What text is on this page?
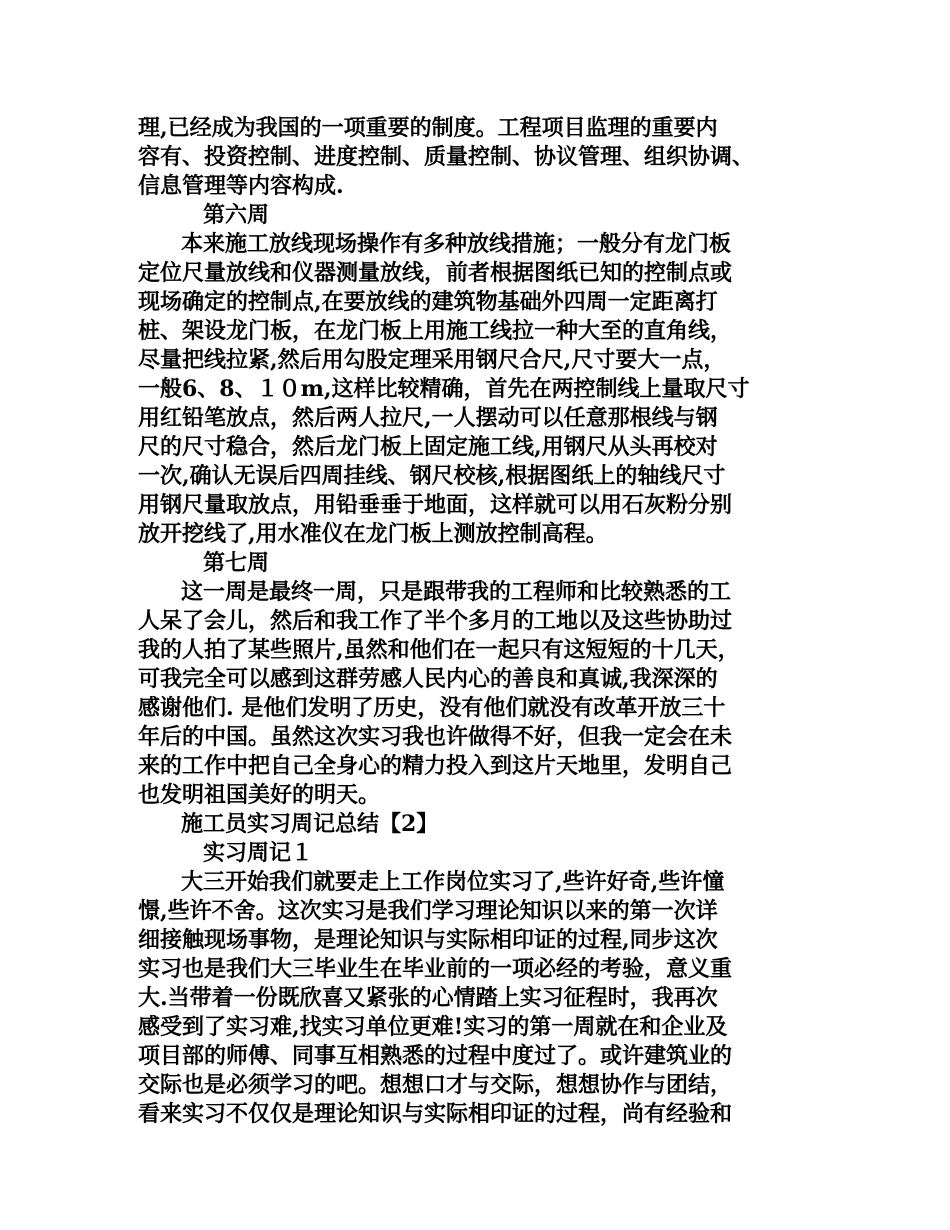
理,已经成为我国的一项重要的制度。工程项目监理的重要内
容有、投资控制、进度控制、质量控制、协议管理、组织协调、
信息管理等内容构成.
第六周
本来施工放线现场操作有多种放线措施；一般分有龙门板
定位尺量放线和仪器测量放线，前者根据图纸已知的控制点或
现场确定的控制点,在要放线的建筑物基础外四周一定距离打
桩、架设龙门板，在龙门板上用施工线拉一种大至的直角线，
尽量把线拉紧,然后用勾股定理采用钢尺合尺,尺寸要大一点，
一般6、8、１０m,这样比较精确，首先在两控制线上量取尺寸
用红铅笔放点，然后两人拉尺,一人摆动可以任意那根线与钢
尺的尺寸稳合，然后龙门板上固定施工线,用钢尺从头再校对
一次,确认无误后四周挂线、钢尺校核,根据图纸上的轴线尺寸
用钢尺量取放点，用铅垂垂于地面，这样就可以用石灰粉分别
放开挖线了,用水准仪在龙门板上测放控制高程。
第七周
这一周是最终一周，只是跟带我的工程师和比较熟悉的工
人呆了会儿，然后和我工作了半个多月的工地以及这些协助过
我的人拍了某些照片,虽然和他们在一起只有这短短的十几天，
可我完全可以感到这群劳感人民内心的善良和真诚,我深深的
感谢他们. 是他们发明了历史，没有他们就没有改革开放三十
年后的中国。虽然这次实习我也许做得不好，但我一定会在未
来的工作中把自己全身心的精力投入到这片天地里，发明自己
也发明祖国美好的明天。
施工员实习周记总结【2】
实习周记１
大三开始我们就要走上工作岗位实习了,些许好奇,些许憧
憬,些许不舍。这次实习是我们学习理论知识以来的第一次详
细接触现场事物，是理论知识与实际相印证的过程,同步这次
实习也是我们大三毕业生在毕业前的一项必经的考验，意义重
大.当带着一份既欣喜又紧张的心情踏上实习征程时，我再次
感受到了实习难,找实习单位更难!实习的第一周就在和企业及
项目部的师傅、同事互相熟悉的过程中度过了。或许建筑业的
交际也是必须学习的吧。想想口才与交际，想想协作与团结，
看来实习不仅仅是理论知识与实际相印证的过程，尚有经验和
